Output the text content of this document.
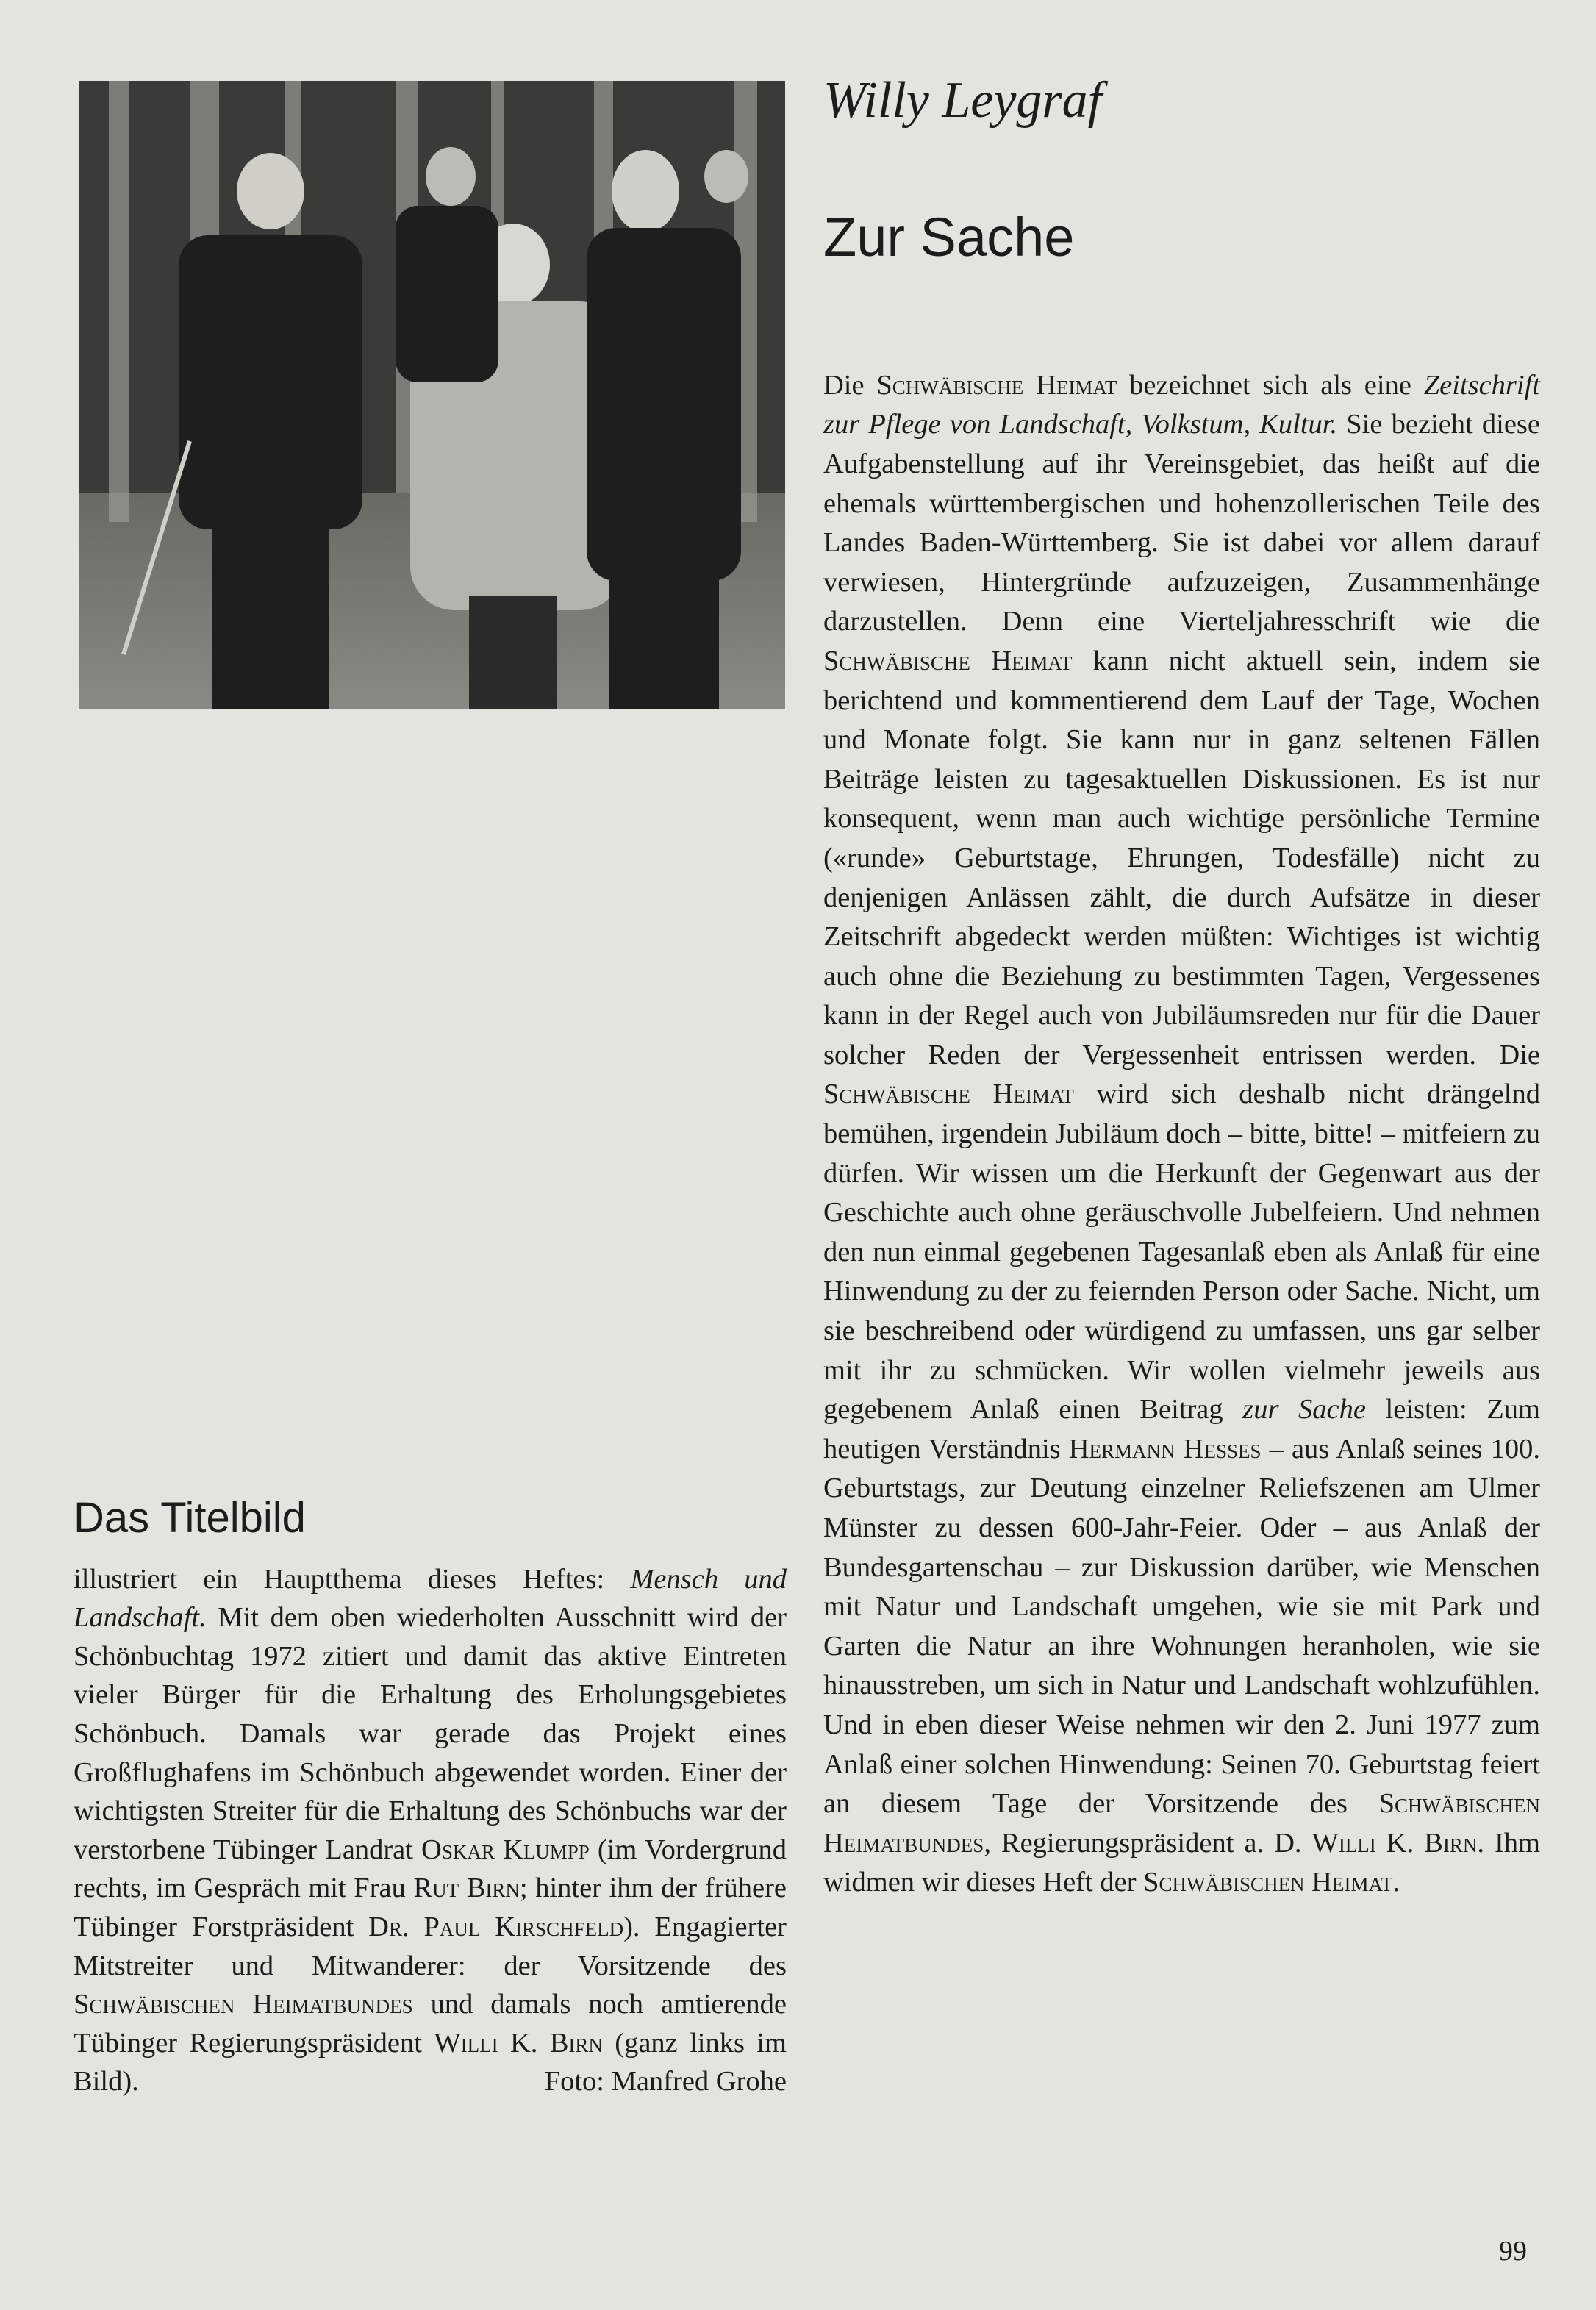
Das Titelbild

illustriert ein Hauptthema dieses Heftes: Mensch und Landschaft. Mit dem oben wiederholten Ausschnitt wird der Schönbuchtag 1972 zitiert und damit das aktive Eintreten vieler Bürger für die Erhaltung des Erholungsgebietes Schönbuch. Damals war gerade das Projekt eines Großflughafens im Schönbuch abgewendet worden. Einer der wichtigsten Streiter für die Erhaltung des Schönbuchs war der verstorbene Tübinger Landrat Oskar Klumpp (im Vordergrund rechts, im Gespräch mit Frau Rut Birn; hinter ihm der frühere Tübinger Forstpräsident Dr. Paul Kirschfeld). Engagierter Mitstreiter und Mitwanderer: der Vorsitzende des Schwäbischen Heimatbundes und damals noch amtierende Tübinger Regierungspräsident Willi K. Birn (ganz links im

Bild).	Foto: Manfred Grohe
Willy Leygraf
Zur Sache

Die Schwäbische Heimat bezeichnet sich als eine Zeitschrift zur Pflege von Landschaft, Volkstum, Kultur. Sie bezieht diese Aufgabenstellung auf ihr Vereinsgebiet, das heißt auf die ehemals württembergischen und hohenzollerischen Teile des Landes Baden-Württemberg. Sie ist dabei vor allem darauf verwiesen, Hintergründe aufzuzeigen, Zusammenhänge darzustellen. Denn eine Vierteljahresschrift wie die Schwäbische Heimat kann nicht aktuell sein, indem sie berichtend und kommentierend dem Lauf der Tage, Wochen und Monate folgt. Sie kann nur in ganz seltenen Fällen Beiträge leisten zu tagesaktuellen Diskussionen. Es ist nur konsequent, wenn man auch wichtige persönliche Termine («runde» Geburtstage, Ehrungen, Todesfälle) nicht zu denjenigen Anlässen zählt, die durch Aufsätze in dieser Zeitschrift abgedeckt werden müßten: Wichtiges ist wichtig auch ohne die Beziehung zu bestimmten Tagen, Vergessenes kann in der Regel auch von Jubiläumsreden nur für die Dauer solcher Reden der Vergessenheit entrissen werden. Die Schwäbische Heimat wird sich deshalb nicht drängelnd bemühen, irgendein Jubiläum doch – bitte, bitte! – mitfeiern zu dürfen. Wir wissen um die Herkunft der Gegenwart aus der Geschichte auch ohne geräuschvolle Jubelfeiern. Und nehmen den nun einmal gegebenen Tagesanlaß eben als Anlaß für eine Hinwendung zu der zu feiernden Person oder Sache. Nicht, um sie beschreibend oder würdigend zu umfassen, uns gar selber mit ihr zu schmücken. Wir wollen vielmehr jeweils aus gegebenem Anlaß einen Beitrag zur Sache leisten: Zum heutigen Verständnis Hermann Hesses – aus Anlaß seines 100. Geburtstags, zur Deutung einzelner Reliefszenen am Ulmer Münster zu dessen 600-Jahr-Feier. Oder – aus Anlaß der Bundesgartenschau – zur Diskussion darüber, wie Menschen mit Natur und Landschaft umgehen, wie sie mit Park und Garten die Natur an ihre Wohnungen heranholen, wie sie hinausstreben, um sich in Natur und Landschaft wohlzufühlen. Und in eben dieser Weise nehmen wir den 2. Juni 1977 zum Anlaß einer solchen Hinwendung: Seinen 70. Geburtstag feiert an diesem Tage der Vorsitzende des Schwäbischen Heimatbundes, Regierungspräsident a. D. Willi K. Birn. Ihm widmen wir dieses Heft der Schwäbischen Heimat.

99
